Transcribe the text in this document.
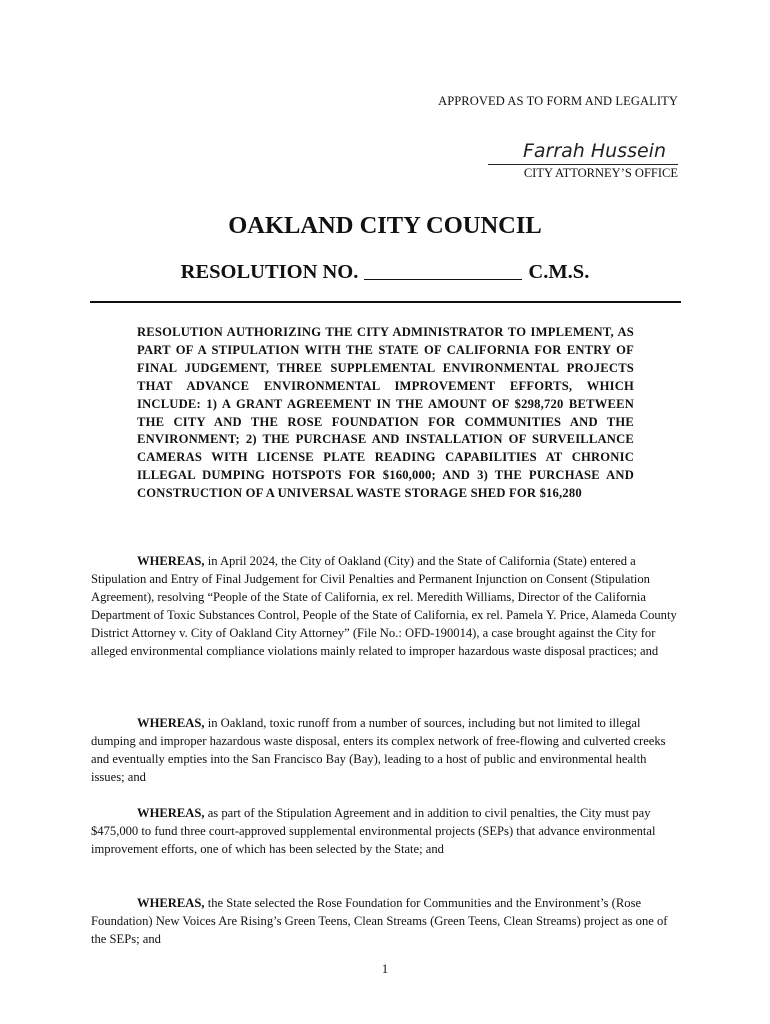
APPROVED AS TO FORM AND LEGALITY
Farrah Hussein
CITY ATTORNEY’S OFFICE
OAKLAND CITY COUNCIL
RESOLUTION NO.	C.M.S.

RESOLUTION AUTHORIZING THE CITY ADMINISTRATOR TO IMPLEMENT, AS PART OF A STIPULATION WITH THE STATE OF CALIFORNIA FOR ENTRY OF FINAL JUDGEMENT, THREE SUPPLEMENTAL ENVIRONMENTAL PROJECTS THAT ADVANCE ENVIRONMENTAL IMPROVEMENT EFFORTS, WHICH INCLUDE: 1) A GRANT AGREEMENT IN THE AMOUNT OF $298,720 BETWEEN THE CITY AND THE ROSE FOUNDATION FOR COMMUNITIES AND THE ENVIRONMENT; 2) THE PURCHASE AND INSTALLATION OF SURVEILLANCE CAMERAS WITH LICENSE PLATE READING CAPABILITIES AT CHRONIC ILLEGAL DUMPING HOTSPOTS FOR $160,000; AND 3) THE PURCHASE AND CONSTRUCTION OF A UNIVERSAL WASTE STORAGE SHED FOR $16,280

WHEREAS, in April 2024, the City of Oakland (City) and the State of California (State) entered a Stipulation and Entry of Final Judgement for Civil Penalties and Permanent Injunction on Consent (Stipulation Agreement), resolving “People of the State of California, ex rel. Meredith Williams, Director of the California Department of Toxic Substances Control, People of the State of California, ex rel. Pamela Y. Price, Alameda County District Attorney v. City of Oakland City Attorney” (File No.: OFD-190014), a case brought against the City for alleged environmental compliance violations mainly related to improper hazardous waste disposal practices; and

WHEREAS, in Oakland, toxic runoff from a number of sources, including but not limited to illegal dumping and improper hazardous waste disposal, enters its complex network of free-flowing and culverted creeks and eventually empties into the San Francisco Bay (Bay), leading to a host of public and environmental health issues; and

WHEREAS, as part of the Stipulation Agreement and in addition to civil penalties, the City must pay $475,000 to fund three court-approved supplemental environmental projects (SEPs) that advance environmental improvement efforts, one of which has been selected by the State; and

WHEREAS, the State selected the Rose Foundation for Communities and the Environment’s (Rose Foundation) New Voices Are Rising’s Green Teens, Clean Streams (Green Teens, Clean Streams) project as one of the SEPs; and

1
